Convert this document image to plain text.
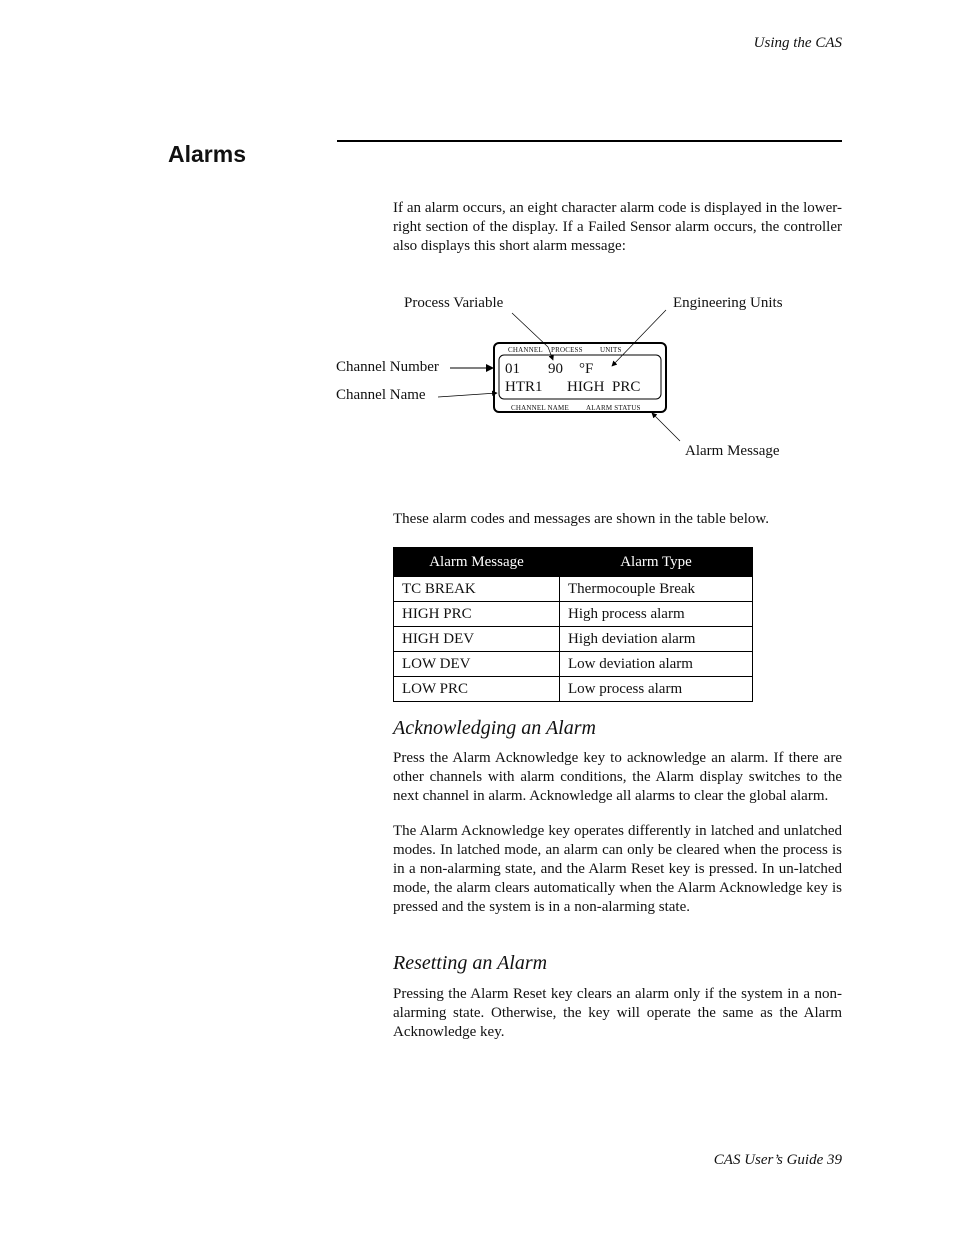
Using the CAS
Alarms

If an alarm occurs, an eight character alarm code is displayed in the lower-right section of the display. If a Failed Sensor alarm occurs, the controller also displays this short alarm message:

Process Variable	Engineering Units
Channel Number
Channel Name
Alarm Message
CHANNEL PROCESS UNITS
CHANNEL NAME ALARM STATUS
01 90 °F
HTR1 HIGH  PRC

These alarm codes and messages are shown in the table below.

Alarm Message	Alarm Type
TC BREAK	Thermocouple Break
HIGH PRC	High process alarm
HIGH DEV	High deviation alarm
LOW DEV	Low deviation alarm
LOW PRC	Low process alarm
Acknowledging an Alarm

Press the Alarm Acknowledge key to acknowledge an alarm. If there are other channels with alarm conditions, the Alarm display switches to the next channel in alarm. Acknowledge all alarms to clear the global alarm.

The Alarm Acknowledge key operates differently in latched and unlatched modes. In latched mode, an alarm can only be cleared when the process is in a non-alarming state, and the Alarm Reset key is pressed. In un-latched mode, the alarm clears automatically when the Alarm Acknowledge key is pressed and the system is in a non-alarming state.

Resetting an Alarm

Pressing the Alarm Reset key clears an alarm only if the system in a non-alarming state. Otherwise, the key will operate the same as the Alarm Acknowledge key.

CAS User’s Guide 39
